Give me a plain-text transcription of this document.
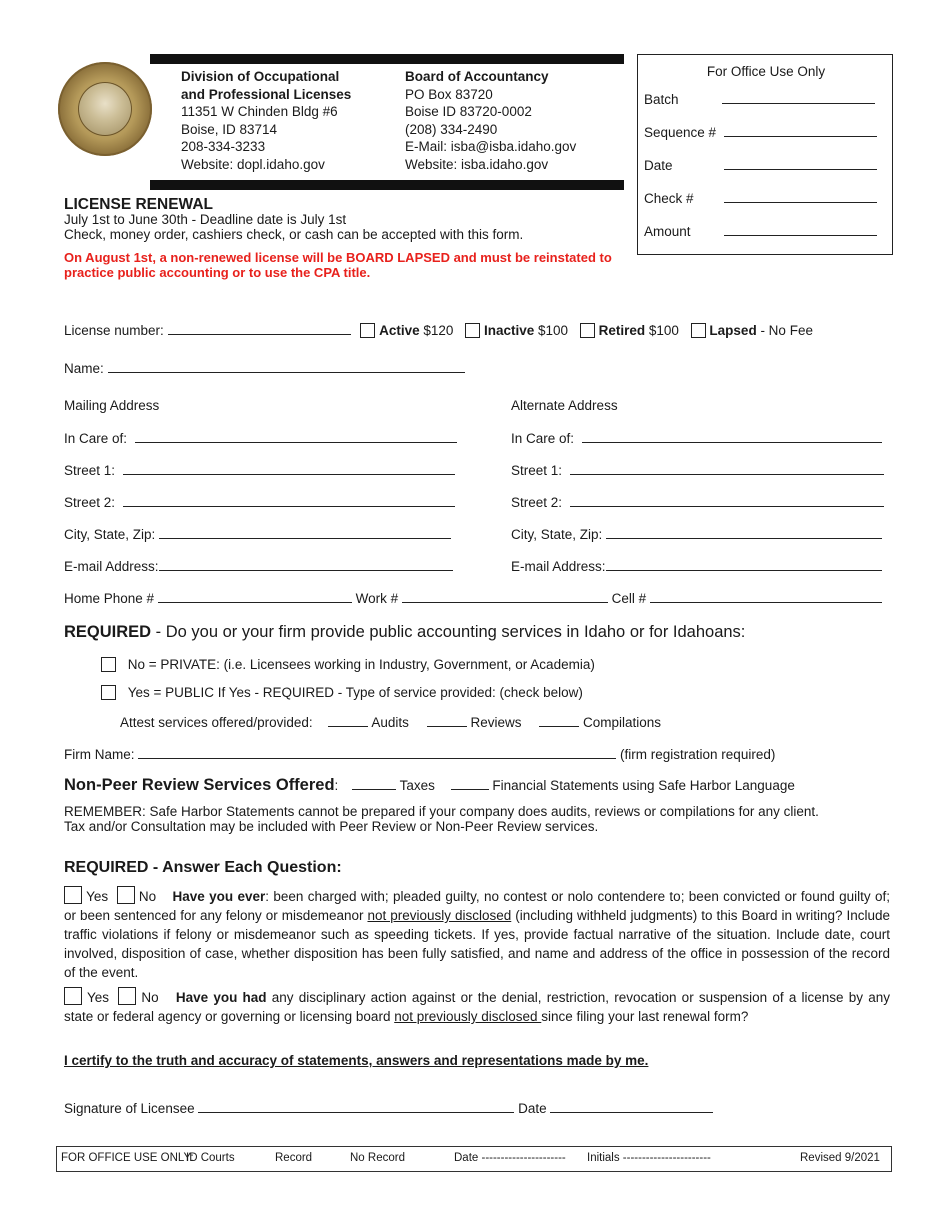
Division of Occupational
and Professional Licenses
11351 W Chinden Bldg #6
Boise, ID 83714
208-334-3233
Website: dopl.idaho.gov
Board of Accountancy
PO Box 83720
Boise ID 83720-0002
(208) 334-2490
E-Mail: isba@isba.idaho.gov
Website: isba.idaho.gov
For Office Use Only
Batch
Sequence #
Date
Check #
Amount
LICENSE RENEWAL
July 1st to June 30th - Deadline date is July 1st
Check, money order, cashiers check, or cash can be accepted with this form.
On August 1st, a non-renewed license will be BOARD LAPSED and must be reinstated to
practice public accounting or to use the CPA title.
License number:	Active $120 Inactive $100 Retired $100 Lapsed - No Fee
Name:
Mailing Address	Alternate Address
In Care of:
Street 1:
Street 2:
City, State, Zip:
E-mail Address:
In Care of:
Street 1:
Street 2:
City, State, Zip:
E-mail Address:
Home Phone #	Work #	Cell #
REQUIRED - Do you or your firm provide public accounting services in Idaho or for Idahoans:
No = PRIVATE: (i.e. Licensees working in Industry, Government, or Academia)
Yes = PUBLIC If Yes - REQUIRED - Type of service provided: (check below)
Attest services offered/provided:	Audits	Reviews	Compilations
Firm Name:	(firm registration required)
Non-Peer Review Services Offered:	Taxes	Financial Statements using Safe Harbor Language
REMEMBER: Safe Harbor Statements cannot be prepared if your company does audits, reviews or compilations for any client.
Tax and/or Consultation may be included with Peer Review or Non-Peer Review services.
REQUIRED - Answer Each Question:
Yes No Have you ever: been charged with; pleaded guilty, no contest or nolo contendere to; been convicted or found guilty of; or been sentenced for any felony or misdemeanor not previously disclosed (including withheld judgments) to this Board in writing? Include traffic violations if felony or misdemeanor such as speeding tickets. If yes, provide factual narrative of the situation. Include date, court involved, disposition of case, whether disposition has been fully satisfied, and name and address of the office in possession of the record of the event.
Yes No Have you had any disciplinary action against or the denial, restriction, revocation or suspension of a license by any state or federal agency or governing or licensing board not previously disclosed since filing your last renewal form?
I certify to the truth and accuracy of statements, answers and representations made by me.
Signature of Licensee	Date
FOR OFFICE USE ONLY:
ID Courts	Record	No Record	Date ---------------------- Initials -----------------------	Revised 9/2021
